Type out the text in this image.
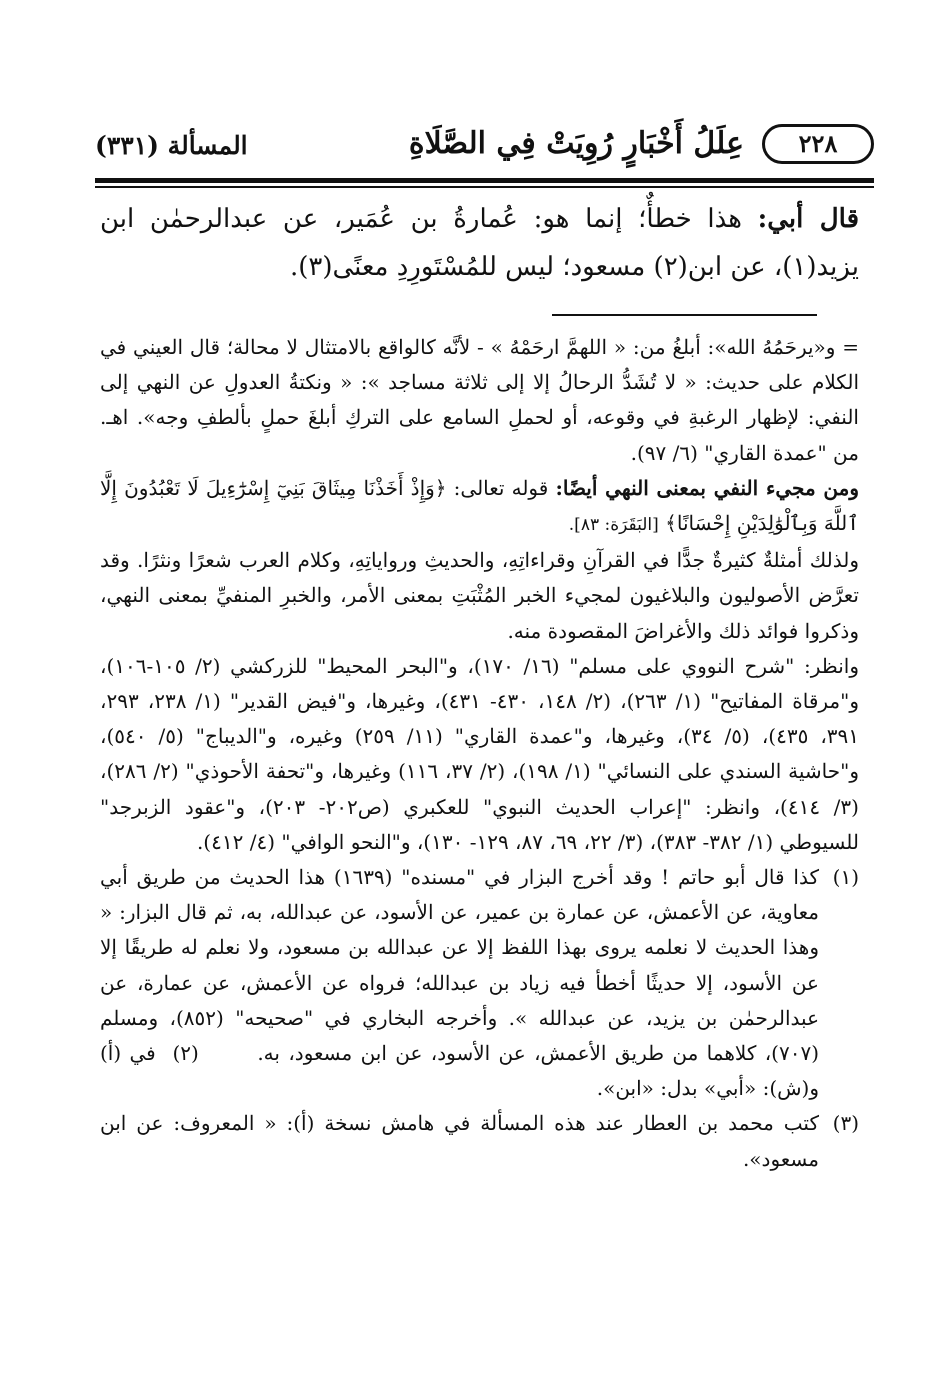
٢٢٨
عِلَلُ أَخْبَارٍ رُوِيَتْ فِي الصَّلَاةِ
المسألة (٣٣١)

قال أبي: هذا خطأٌ؛ إنما هو: عُمارةُ بن عُمَير، عن عبدالرحمٰن ابن يزيد(١)، عن ابن(٢) مسعود؛ ليس للمُسْتَورِدِ معنًى(٣).

= و«يرحَمُهُ الله»: أبلغُ من: « اللهمَّ ارحَمْهُ » - لأنَّه كالواقع بالامتثال لا محالة؛ قال العيني في الكلام على حديث: « لا تُشَدُّ الرحالُ إلا إلى ثلاثة مساجد »: « ونكتةُ العدولِ عن النهي إلى النفي: لإظهار الرغبةِ في وقوعه، أو لحملِ السامع على التركِ أبلغَ حملٍ بألطفِ وجه». اهـ. من "عمدة القاري" (٦/ ٩٧).

ومن مجيء النفي بمعنى النهي أيضًا: قوله تعالى: ﴿وَإِذْ أَخَذْنَا مِيثَاقَ بَنِيٓ إِسْرَٰٓءِيلَ لَا تَعْبُدُونَ إِلَّا ٱللَّهَ وَبِٱلْوَٰلِدَيْنِ إِحْسَانًا﴾ [البَقَرَة: ٨٣].

ولذلك أمثلةٌ كثيرةٌ جدًّا في القرآنِ وقراءاتِهِ، والحديثِ ورواياتِهِ، وكلام العرب شعرًا ونثرًا. وقد تعرَّض الأصوليون والبلاغيون لمجيء الخبر المُثْبَتِ بمعنى الأمر، والخبرِ المنفيِّ بمعنى النهي، وذكروا فوائد ذلك والأغراضَ المقصودة منه.

وانظر: "شرح النووي على مسلم" (١٦/ ١٧٠)، و"البحر المحيط" للزركشي (٢/ ١٠٥-١٠٦)، و"مرقاة المفاتيح" (١/ ٢٦٣)، (٢/ ١٤٨، ٤٣٠- ٤٣١)، وغيرها، و"فيض القدير" (١/ ٢٣٨، ٢٩٣، ٣٩١، ٤٣٥)، (٥/ ٣٤)، وغيرها، و"عمدة القاري" (١١/ ٢٥٩) وغيره، و"الديباج" (٥/ ٥٤٠)، و"حاشية السندي على النسائي" (١/ ١٩٨)، (٢/ ٣٧، ١١٦) وغيرها، و"تحفة الأحوذي" (٢/ ٢٨٦)، (٣/ ٤١٤)، وانظر: "إعراب الحديث النبوي" للعكبري (ص٢٠٢- ٢٠٣)، و"عقود الزبرجد" للسيوطي (١/ ٣٨٢- ٣٨٣)، (٣/ ٢٢، ٦٩، ٨٧، ١٢٩- ١٣٠)، و"النحو الوافي" (٤/ ٤١٢).

(١)
كذا قال أبو حاتم ! وقد أخرج البزار في "مسنده" (١٦٣٩) هذا الحديث من طريق أبي معاوية، عن الأعمش، عن عمارة بن عمير، عن الأسود، عن عبدالله، به، ثم قال البزار: « وهذا الحديث لا نعلمه يروى بهذا اللفظ إلا عن عبدالله بن مسعود، ولا نعلم له طريقًا إلا عن الأسود، إلا حديثًا أخطأ فيه زياد بن عبدالله؛ فرواه عن الأعمش، عن عمارة، عن عبدالرحمٰن بن يزيد، عن عبدالله ». وأخرجه البخاري في "صحيحه" (٨٥٢)، ومسلم (٧٠٧)، كلاهما من طريق الأعمش، عن الأسود، عن ابن مسعود، به.       (٢)  في (أ) و(ش): «أبي» بدل: «ابن».
(٣)
كتب محمد بن العطار عند هذه المسألة في هامش نسخة (أ): « المعروف: عن ابن مسعود».
